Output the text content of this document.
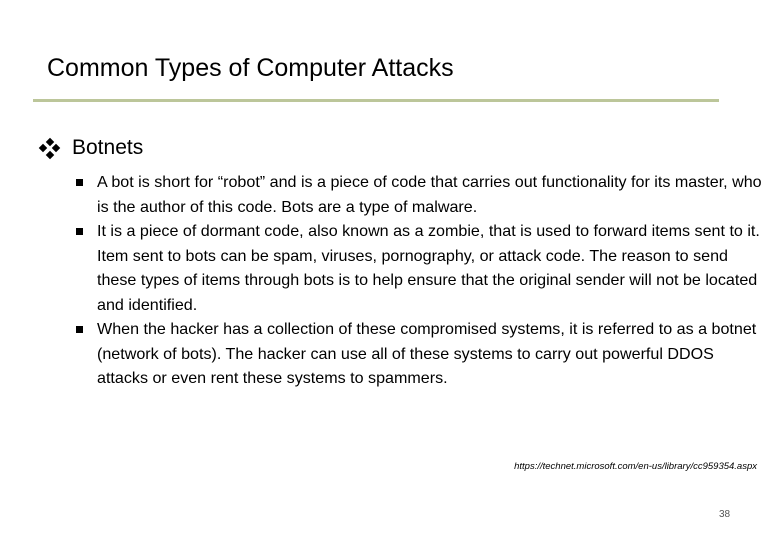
Common Types of Computer Attacks
Botnets
A bot is short for “robot” and is a piece of code that carries out functionality for its master, who is the author of this code. Bots are a type of malware.
It is a piece of dormant code, also known as a zombie, that is used to forward items sent to it. Item sent to bots can be spam, viruses, pornography, or attack code. The reason to send these types of items through bots is to help ensure that the original sender will not be located and identified.
When the hacker has a collection of these compromised systems, it is referred to as a botnet (network of bots). The hacker can use all of these systems to carry out powerful DDOS attacks or even rent these systems to spammers.
https://technet.microsoft.com/en-us/library/cc959354.aspx
38
